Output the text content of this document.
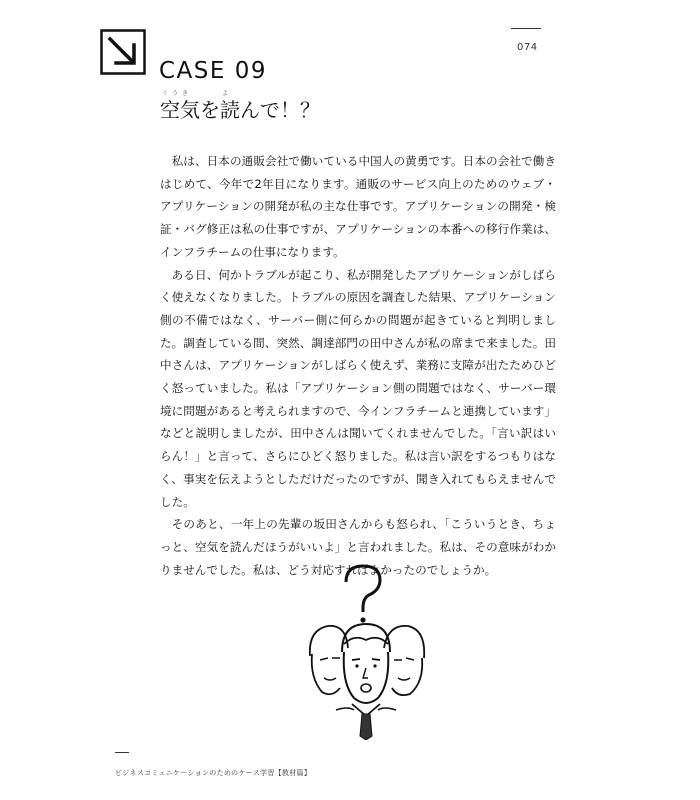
074
CASE 09
くうき　　　よ
空気を読んで！？

私は、日本の通販会社で働いている中国人の黄勇です。日本の会社で働きはじめて、今年で2年目になります。通販のサービス向上のためのウェブ・アプリケーションの開発が私の主な仕事です。アプリケーションの開発・検証・バグ修正は私の仕事ですが、アプリケーションの本番への移行作業は、インフラチームの仕事になります。

ある日、何かトラブルが起こり、私が開発したアプリケーションがしばらく使えなくなりました。トラブルの原因を調査した結果、アプリケーション側の不備ではなく、サーバー側に何らかの問題が起きていると判明しました。調査している間、突然、調達部門の田中さんが私の席まで来ました。田中さんは、アプリケーションがしばらく使えず、業務に支障が出たためひどく怒っていました。私は「アプリケーション側の問題ではなく、サーバー環境に問題があると考えられますので、今インフラチームと連携しています」などと説明しましたが、田中さんは聞いてくれませんでした。「言い訳はいらん！」と言って、さらにひどく怒りました。私は言い訳をするつもりはなく、事実を伝えようとしただけだったのですが、聞き入れてもらえませんでした。

そのあと、一年上の先輩の坂田さんからも怒られ、「こういうとき、ちょっと、空気を読んだほうがいいよ」と言われました。私は、その意味がわかりませんでした。私は、どう対応すればよかったのでしょうか。

ビジネスコミュニケーションのためのケース学習【教材篇】
